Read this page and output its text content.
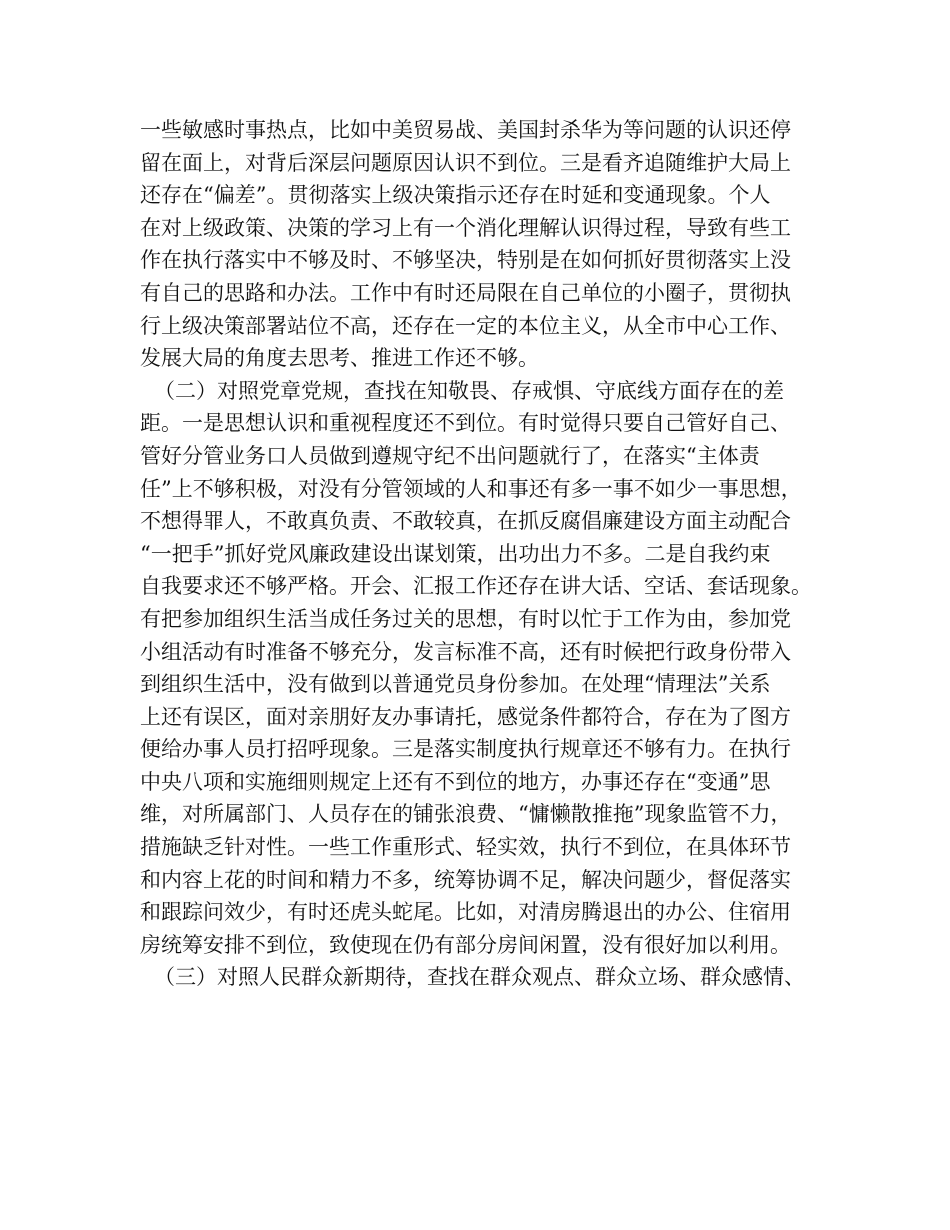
一些敏感时事热点，比如中美贸易战、美国封杀华为等问题的认识还停
留在面上，对背后深层问题原因认识不到位。三是看齐追随维护大局上
还存在“偏差”。贯彻落实上级决策指示还存在时延和变通现象。个人
在对上级政策、决策的学习上有一个消化理解认识得过程，导致有些工
作在执行落实中不够及时、不够坚决，特别是在如何抓好贯彻落实上没
有自己的思路和办法。工作中有时还局限在自己单位的小圈子，贯彻执
行上级决策部署站位不高，还存在一定的本位主义，从全市中心工作、
发展大局的角度去思考、推进工作还不够。
（二）对照党章党规，查找在知敬畏、存戒惧、守底线方面存在的差
距。一是思想认识和重视程度还不到位。有时觉得只要自己管好自己、
管好分管业务口人员做到遵规守纪不出问题就行了，在落实“主体责
任”上不够积极，对没有分管领域的人和事还有多一事不如少一事思想，
不想得罪人，不敢真负责、不敢较真，在抓反腐倡廉建设方面主动配合
“一把手”抓好党风廉政建设出谋划策，出功出力不多。二是自我约束
自我要求还不够严格。开会、汇报工作还存在讲大话、空话、套话现象。
有把参加组织生活当成任务过关的思想，有时以忙于工作为由，参加党
小组活动有时准备不够充分，发言标准不高，还有时候把行政身份带入
到组织生活中，没有做到以普通党员身份参加。在处理“情理法”关系
上还有误区，面对亲朋好友办事请托，感觉条件都符合，存在为了图方
便给办事人员打招呼现象。三是落实制度执行规章还不够有力。在执行
中央八项和实施细则规定上还有不到位的地方，办事还存在“变通”思
维，对所属部门、人员存在的铺张浪费、“慵懒散推拖”现象监管不力，
措施缺乏针对性。一些工作重形式、轻实效，执行不到位，在具体环节
和内容上花的时间和精力不多，统筹协调不足，解决问题少，督促落实
和跟踪问效少，有时还虎头蛇尾。比如，对清房腾退出的办公、住宿用
房统筹安排不到位，致使现在仍有部分房间闲置，没有很好加以利用。
（三）对照人民群众新期待，查找在群众观点、群众立场、群众感情、
